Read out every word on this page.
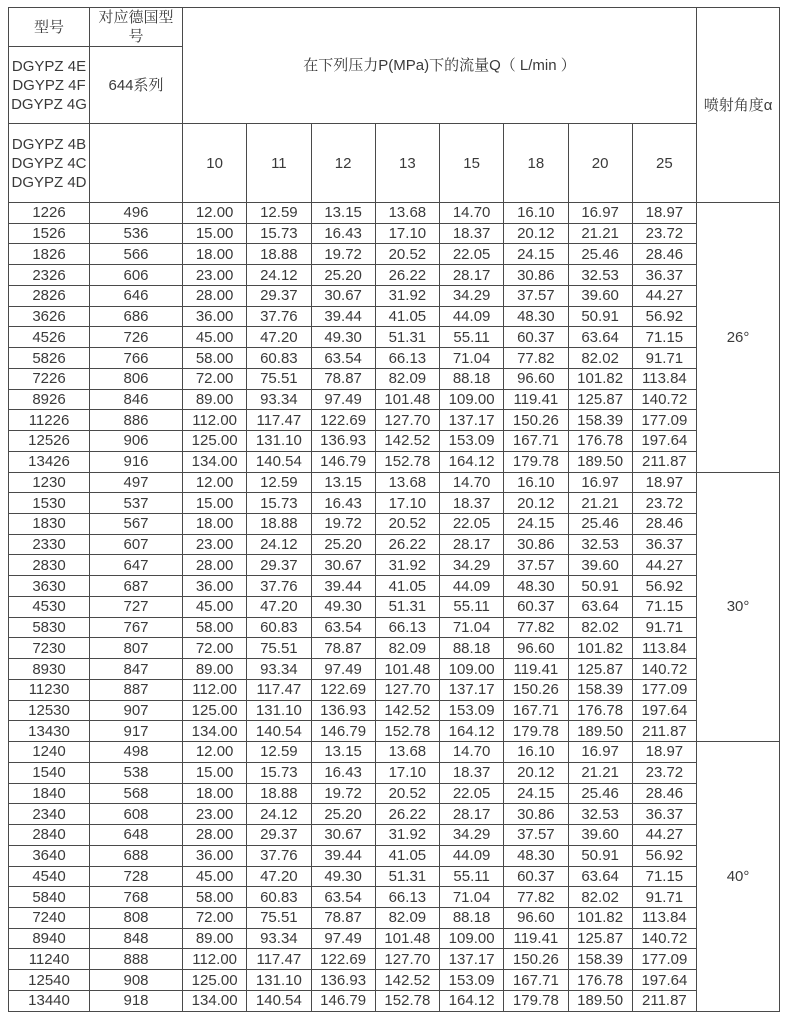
型号	对应德国型号	在下列压力P(MPa)下的流量Q（ L/min ）								喷射角度α
DGYPZ 4E DGYPZ 4F DGYPZ 4G	644系列									
DGYPZ 4B DGYPZ 4C DGYPZ 4D		10	11	12	13	15	18	20	25	
1226	496	12.00	12.59	13.15	13.68	14.70	16.10	16.97	18.97	26°
1526	536	15.00	15.73	16.43	17.10	18.37	20.12	21.21	23.72	
1826	566	18.00	18.88	19.72	20.52	22.05	24.15	25.46	28.46	
2326	606	23.00	24.12	25.20	26.22	28.17	30.86	32.53	36.37	
2826	646	28.00	29.37	30.67	31.92	34.29	37.57	39.60	44.27	
3626	686	36.00	37.76	39.44	41.05	44.09	48.30	50.91	56.92	
4526	726	45.00	47.20	49.30	51.31	55.11	60.37	63.64	71.15	
5826	766	58.00	60.83	63.54	66.13	71.04	77.82	82.02	91.71	
7226	806	72.00	75.51	78.87	82.09	88.18	96.60	101.82	113.84	
8926	846	89.00	93.34	97.49	101.48	109.00	119.41	125.87	140.72	
11226	886	112.00	117.47	122.69	127.70	137.17	150.26	158.39	177.09	
12526	906	125.00	131.10	136.93	142.52	153.09	167.71	176.78	197.64	
13426	916	134.00	140.54	146.79	152.78	164.12	179.78	189.50	211.87	
1230	497	12.00	12.59	13.15	13.68	14.70	16.10	16.97	18.97	30°
1530	537	15.00	15.73	16.43	17.10	18.37	20.12	21.21	23.72	
1830	567	18.00	18.88	19.72	20.52	22.05	24.15	25.46	28.46	
2330	607	23.00	24.12	25.20	26.22	28.17	30.86	32.53	36.37	
2830	647	28.00	29.37	30.67	31.92	34.29	37.57	39.60	44.27	
3630	687	36.00	37.76	39.44	41.05	44.09	48.30	50.91	56.92	
4530	727	45.00	47.20	49.30	51.31	55.11	60.37	63.64	71.15	
5830	767	58.00	60.83	63.54	66.13	71.04	77.82	82.02	91.71	
7230	807	72.00	75.51	78.87	82.09	88.18	96.60	101.82	113.84	
8930	847	89.00	93.34	97.49	101.48	109.00	119.41	125.87	140.72	
11230	887	112.00	117.47	122.69	127.70	137.17	150.26	158.39	177.09	
12530	907	125.00	131.10	136.93	142.52	153.09	167.71	176.78	197.64	
13430	917	134.00	140.54	146.79	152.78	164.12	179.78	189.50	211.87	
1240	498	12.00	12.59	13.15	13.68	14.70	16.10	16.97	18.97	40°
1540	538	15.00	15.73	16.43	17.10	18.37	20.12	21.21	23.72	
1840	568	18.00	18.88	19.72	20.52	22.05	24.15	25.46	28.46	
2340	608	23.00	24.12	25.20	26.22	28.17	30.86	32.53	36.37	
2840	648	28.00	29.37	30.67	31.92	34.29	37.57	39.60	44.27	
3640	688	36.00	37.76	39.44	41.05	44.09	48.30	50.91	56.92	
4540	728	45.00	47.20	49.30	51.31	55.11	60.37	63.64	71.15	
5840	768	58.00	60.83	63.54	66.13	71.04	77.82	82.02	91.71	
7240	808	72.00	75.51	78.87	82.09	88.18	96.60	101.82	113.84	
8940	848	89.00	93.34	97.49	101.48	109.00	119.41	125.87	140.72	
11240	888	112.00	117.47	122.69	127.70	137.17	150.26	158.39	177.09	
12540	908	125.00	131.10	136.93	142.52	153.09	167.71	176.78	197.64	
13440	918	134.00	140.54	146.79	152.78	164.12	179.78	189.50	211.87	
